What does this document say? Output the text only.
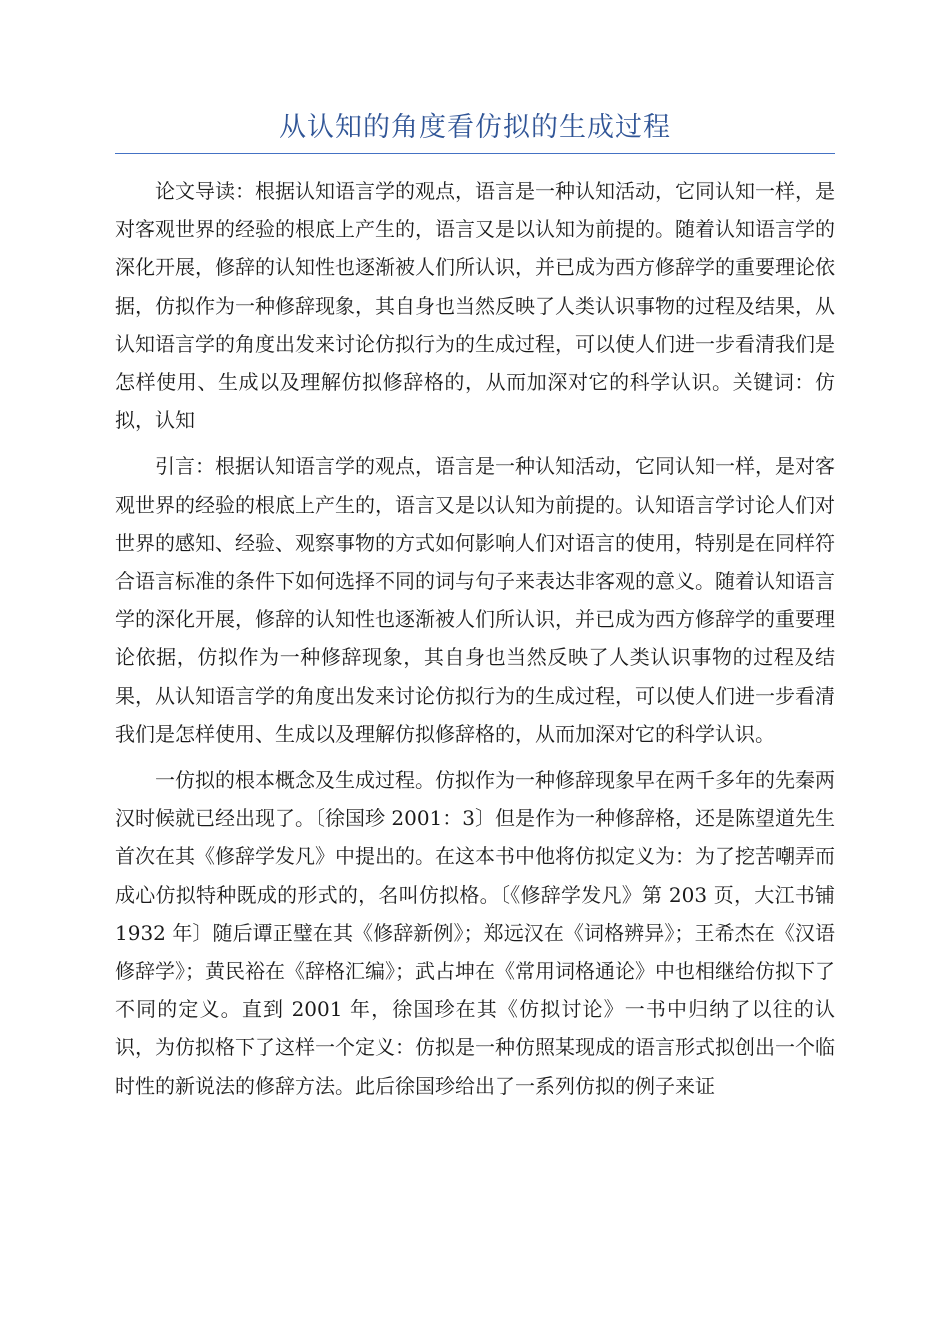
从认知的角度看仿拟的生成过程

论文导读：根据认知语言学的观点，语言是一种认知活动，它同认知一样，是对客观世界的经验的根底上产生的，语言又是以认知为前提的。随着认知语言学的深化开展，修辞的认知性也逐渐被人们所认识，并已成为西方修辞学的重要理论依据，仿拟作为一种修辞现象，其自身也当然反映了人类认识事物的过程及结果，从认知语言学的角度出发来讨论仿拟行为的生成过程，可以使人们进一步看清我们是怎样使用、生成以及理解仿拟修辞格的，从而加深对它的科学认识。关键词：仿拟，认知

引言：根据认知语言学的观点，语言是一种认知活动，它同认知一样，是对客观世界的经验的根底上产生的，语言又是以认知为前提的。认知语言学讨论人们对世界的感知、经验、观察事物的方式如何影响人们对语言的使用，特别是在同样符合语言标准的条件下如何选择不同的词与句子来表达非客观的意义。随着认知语言学的深化开展，修辞的认知性也逐渐被人们所认识，并已成为西方修辞学的重要理论依据，仿拟作为一种修辞现象，其自身也当然反映了人类认识事物的过程及结果，从认知语言学的角度出发来讨论仿拟行为的生成过程，可以使人们进一步看清我们是怎样使用、生成以及理解仿拟修辞格的，从而加深对它的科学认识。

一仿拟的根本概念及生成过程。仿拟作为一种修辞现象早在两千多年的先秦两汉时候就已经出现了。〔徐国珍 2001：3〕但是作为一种修辞格，还是陈望道先生首次在其《修辞学发凡》中提出的。在这本书中他将仿拟定义为：为了挖苦嘲弄而成心仿拟特种既成的形式的，名叫仿拟格。〔《修辞学发凡》第 203 页，大江书铺 1932 年〕随后谭正璧在其《修辞新例》；郑远汉在《词格辨异》；王希杰在《汉语修辞学》；黄民裕在《辞格汇编》；武占坤在《常用词格通论》中也相继给仿拟下了不同的定义。直到 2001 年，徐国珍在其《仿拟讨论》一书中归纳了以往的认识，为仿拟格下了这样一个定义：仿拟是一种仿照某现成的语言形式拟创出一个临时性的新说法的修辞方法。此后徐国珍给出了一系列仿拟的例子来证
